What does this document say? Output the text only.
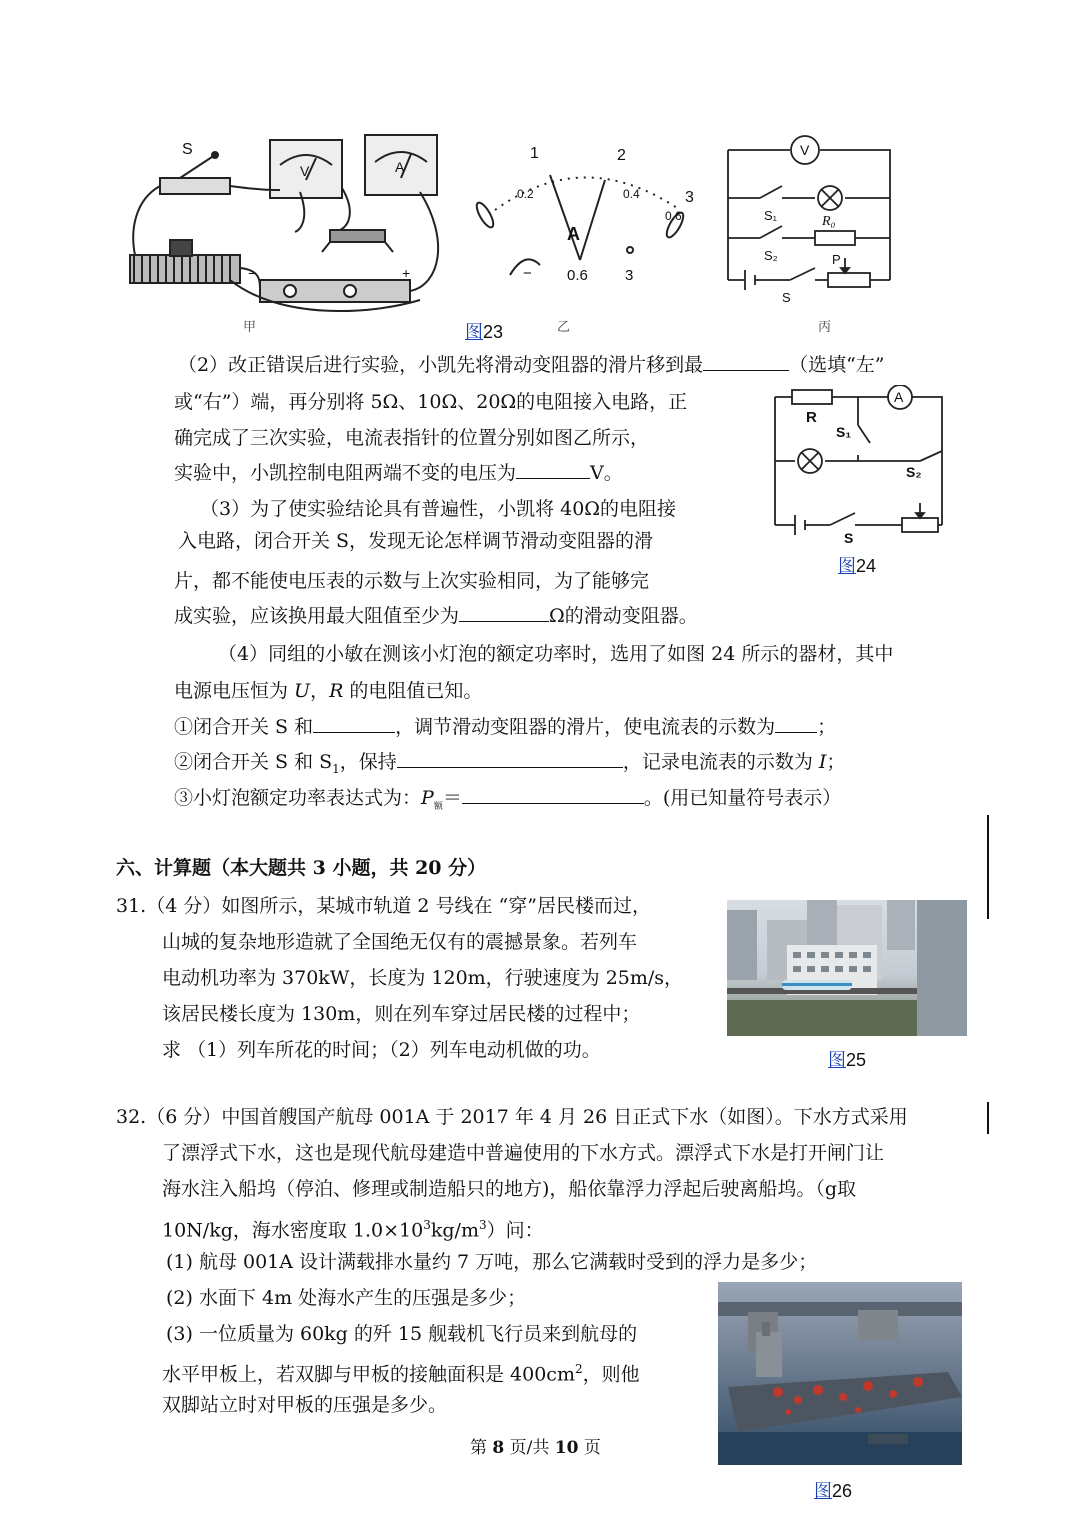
S
V	A
−	+
1	2
3
0.2	0.4
0.6
A
− 0.6 3
V
S₁
S₂
R₀
P
S
甲	乙	丙
图23
（2）改正错误后进行实验，小凯先将滑动变阻器的滑片移到最	（选填“左”
或“右”）端，再分别将 5Ω、10Ω、20Ω的电阻接入电路，正
确完成了三次实验，电流表指针的位置分别如图乙所示，
实验中，小凯控制电阻两端不变的电压为	V。
R
A
S₁
S₂
S
图24
（3）为了使实验结论具有普遍性，小凯将 40Ω的电阻接
入电路，闭合开关 S，发现无论怎样调节滑动变阻器的滑
片，都不能使电压表的示数与上次实验相同，为了能够完
成实验，应该换用最大阻值至少为	Ω的滑动变阻器。
（4）同组的小敏在测该小灯泡的额定功率时，选用了如图 24 所示的器材，其中
电源电压恒为 U，R 的电阻值已知。
①闭合开关 S 和	，调节滑动变阻器的滑片，使电流表的示数为 ；
②闭合开关 S 和 $S_1$，保持	，记录电流表的示数为 I；
③小灯泡额定功率表达式为：$P_额=$	。(用已知量符号表示）
六、计算题（本大题共 3 小题，共 20 分）
31.（4 分）如图所示，某城市轨道 2 号线在 “穿”居民楼而过，
山城的复杂地形造就了全国绝无仅有的震撼景象。若列车
电动机功率为 370kW，长度为 120m，行驶速度为 25m/s，
该居民楼长度为 130m，则在列车穿过居民楼的过程中；
求 （1）列车所花的时间；（2）列车电动机做的功。	图25
32.（6 分）中国首艘国产航母 001A 于 2017 年 4 月 26 日正式下水（如图）。下水方式采用
了漂浮式下水，这也是现代航母建造中普遍使用的下水方式。漂浮式下水是打开闸门让
海水注入船坞（停泊、修理或制造船只的地方)，船依靠浮力浮起后驶离船坞。（g取
10N/kg，海水密度取 $1.0\times 10^3kg/m^3$）问：
(1) 航母 001A 设计满载排水量约 7 万吨，那么它满载时受到的浮力是多少；
(2) 水面下 4m 处海水产生的压强是多少；
(3) 一位质量为 60kg 的歼 15 舰载机飞行员来到航母的
水平甲板上，若双脚与甲板的接触面积是 $400cm^2$，则他
双脚站立时对甲板的压强是多少。
图26
第 8 页/共 10 页
